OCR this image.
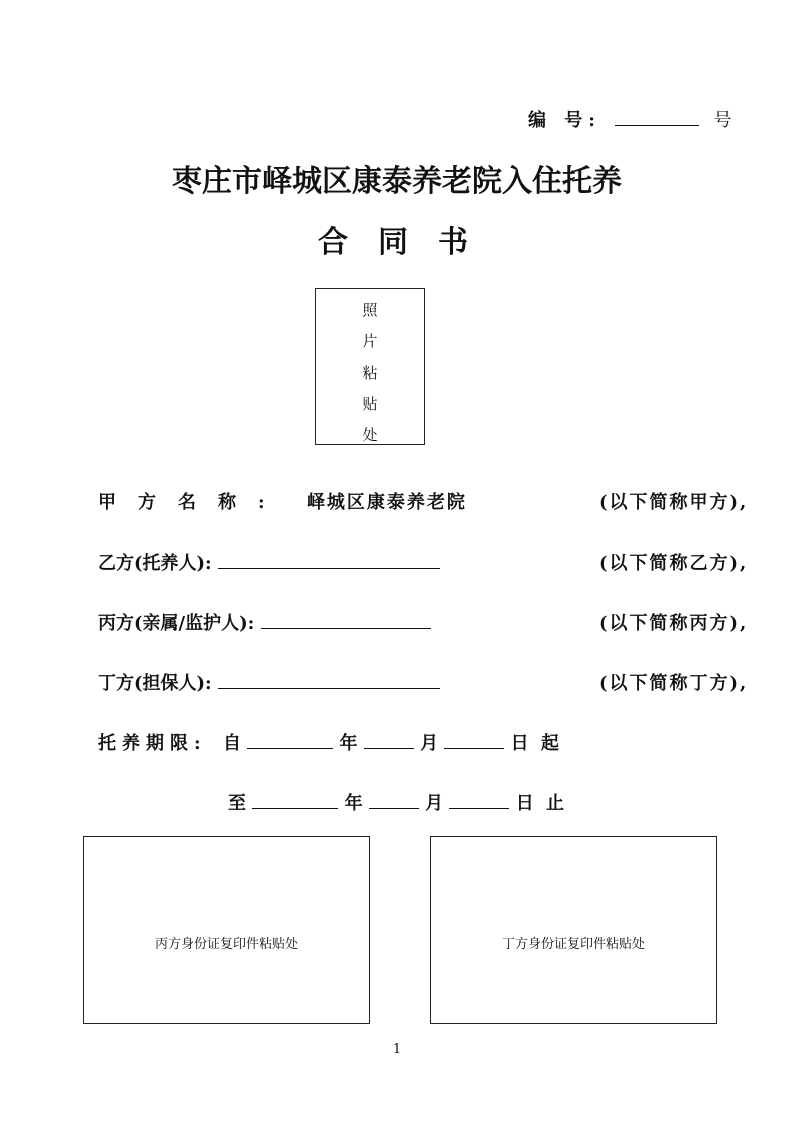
编 号:	号
枣庄市峄城区康泰养老院入住托养
合同书
照
片
粘
贴
处
甲方名称: 峄城区康泰养老院	(以下简称甲方),
乙方(托养人):	(以下简称乙方),
丙方(亲属/监护人):	(以下简称丙方),
丁方(担保人):	(以下简称丁方),
托养期限: 自	年	月	日 起
至	年	月	日 止
丙方身份证复印件粘贴处	丁方身份证复印件粘贴处
1
